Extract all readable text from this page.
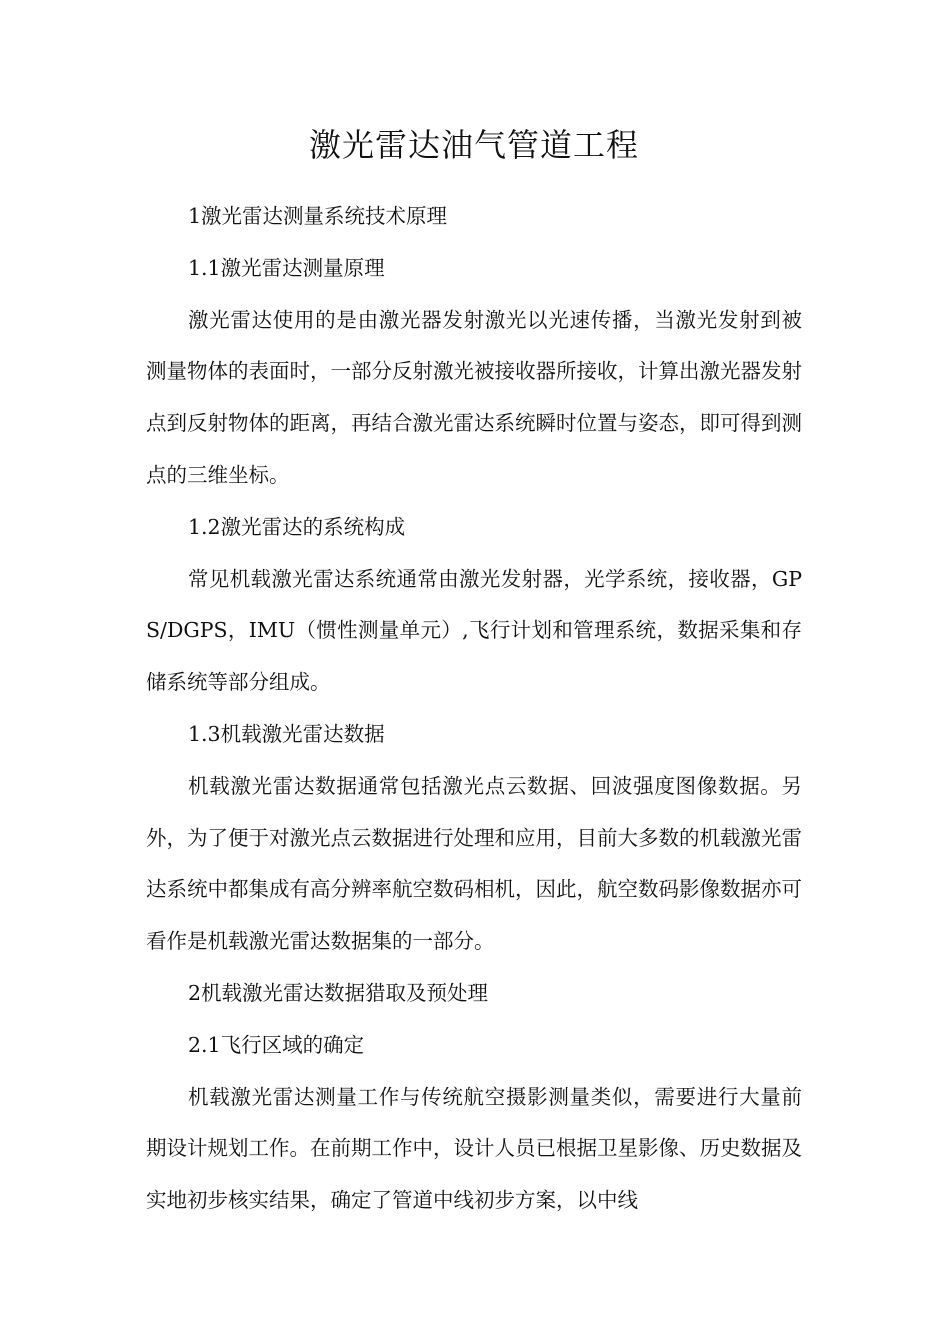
激光雷达油气管道工程

1激光雷达测量系统技术原理

1.1激光雷达测量原理

激光雷达使用的是由激光器发射激光以光速传播，当激光发射到被测量物体的表面时，一部分反射激光被接收器所接收，计算出激光器发射点到反射物体的距离，再结合激光雷达系统瞬时位置与姿态，即可得到测点的三维坐标。

1.2激光雷达的系统构成

常见机载激光雷达系统通常由激光发射器，光学系统，接收器，GPS/DGPS，IMU（惯性测量单元）,飞行计划和管理系统，数据采集和存储系统等部分组成。

1.3机载激光雷达数据

机载激光雷达数据通常包括激光点云数据、回波强度图像数据。另外，为了便于对激光点云数据进行处理和应用，目前大多数的机载激光雷达系统中都集成有高分辨率航空数码相机，因此，航空数码影像数据亦可看作是机载激光雷达数据集的一部分。

2机载激光雷达数据猎取及预处理

2.1飞行区域的确定

机载激光雷达测量工作与传统航空摄影测量类似，需要进行大量前期设计规划工作。在前期工作中，设计人员已根据卫星影像、历史数据及实地初步核实结果，确定了管道中线初步方案，以中线
